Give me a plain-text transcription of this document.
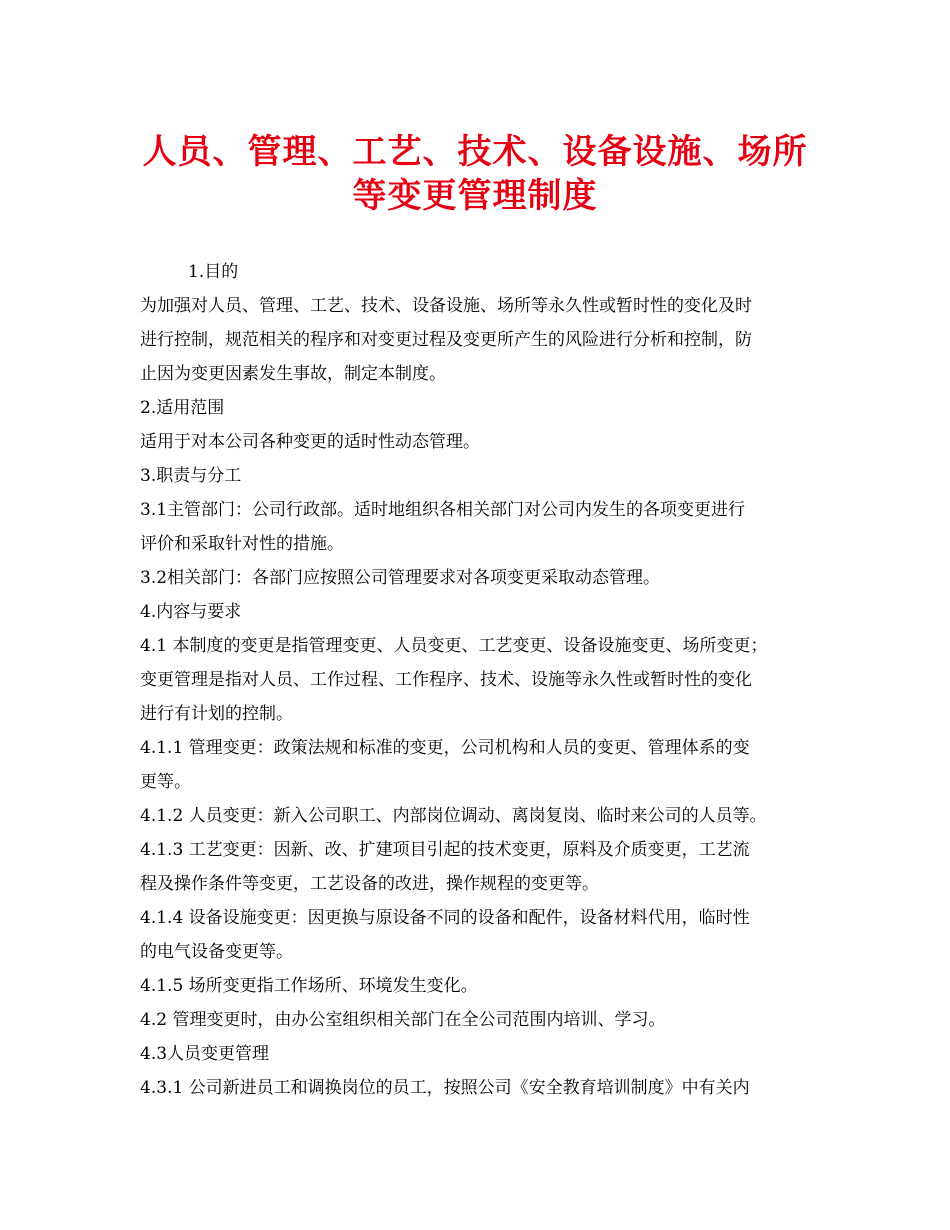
人员、管理、工艺、技术、设备设施、场所
等变更管理制度
1.目的
为加强对人员、管理、工艺、技术、设备设施、场所等永久性或暂时性的变化及时
进行控制，规范相关的程序和对变更过程及变更所产生的风险进行分析和控制，防
止因为变更因素发生事故，制定本制度。
2.适用范围
适用于对本公司各种变更的适时性动态管理。
3.职责与分工
3.1主管部门：公司行政部。适时地组织各相关部门对公司内发生的各项变更进行
评价和采取针对性的措施。
3.2相关部门：各部门应按照公司管理要求对各项变更采取动态管理。
4.内容与要求
4.1 本制度的变更是指管理变更、人员变更、工艺变更、设备设施变更、场所变更；
变更管理是指对人员、工作过程、工作程序、技术、设施等永久性或暂时性的变化
进行有计划的控制。
4.1.1 管理变更：政策法规和标准的变更，公司机构和人员的变更、管理体系的变
更等。
4.1.2 人员变更：新入公司职工、内部岗位调动、离岗复岗、临时来公司的人员等。
4.1.3 工艺变更：因新、改、扩建项目引起的技术变更，原料及介质变更，工艺流
程及操作条件等变更，工艺设备的改进，操作规程的变更等。
4.1.4 设备设施变更：因更换与原设备不同的设备和配件，设备材料代用，临时性
的电气设备变更等。
4.1.5 场所变更指工作场所、环境发生变化。
4.2 管理变更时，由办公室组织相关部门在全公司范围内培训、学习。
4.3人员变更管理
4.3.1 公司新进员工和调换岗位的员工，按照公司《安全教育培训制度》中有关内
